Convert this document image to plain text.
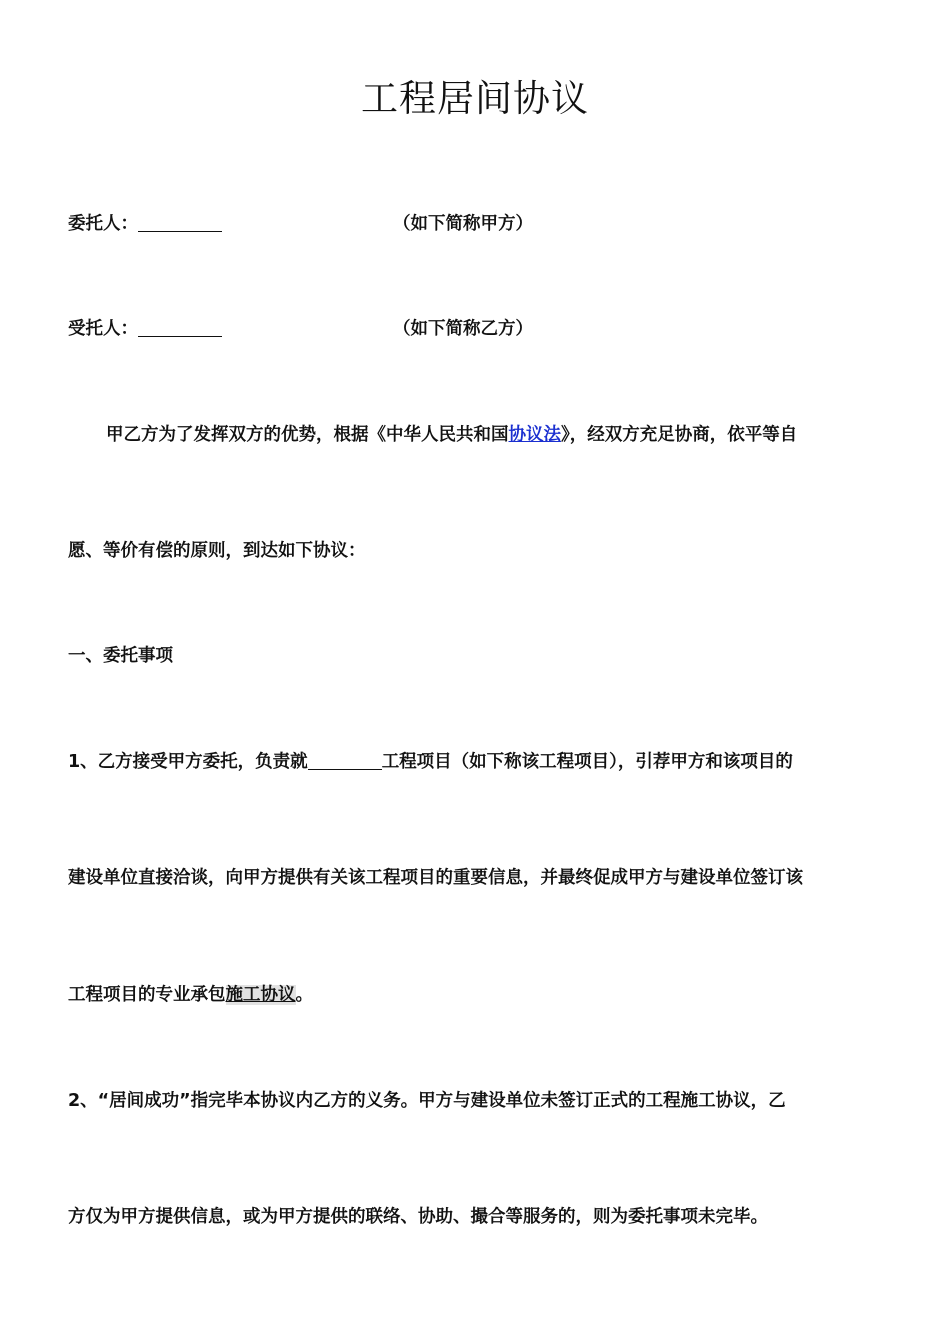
工程居间协议
委托人：	（如下简称甲方）
受托人：	（如下简称乙方）
甲乙方为了发挥双方的优势，根据《中华人民共和国协议法》，经双方充足协商，依平等自
愿、等价有偿的原则，到达如下协议：
一、委托事项
1、乙方接受甲方委托，负责就	工程项目（如下称该工程项目），引荐甲方和该项目的
建设单位直接洽谈，向甲方提供有关该工程项目的重要信息，并最终促成甲方与建设单位签订该
工程项目的专业承包施工协议。
2、“居间成功”指完毕本协议内乙方的义务。甲方与建设单位未签订正式的工程施工协议，乙
方仅为甲方提供信息，或为甲方提供的联络、协助、撮合等服务的，则为委托事项未完毕。
